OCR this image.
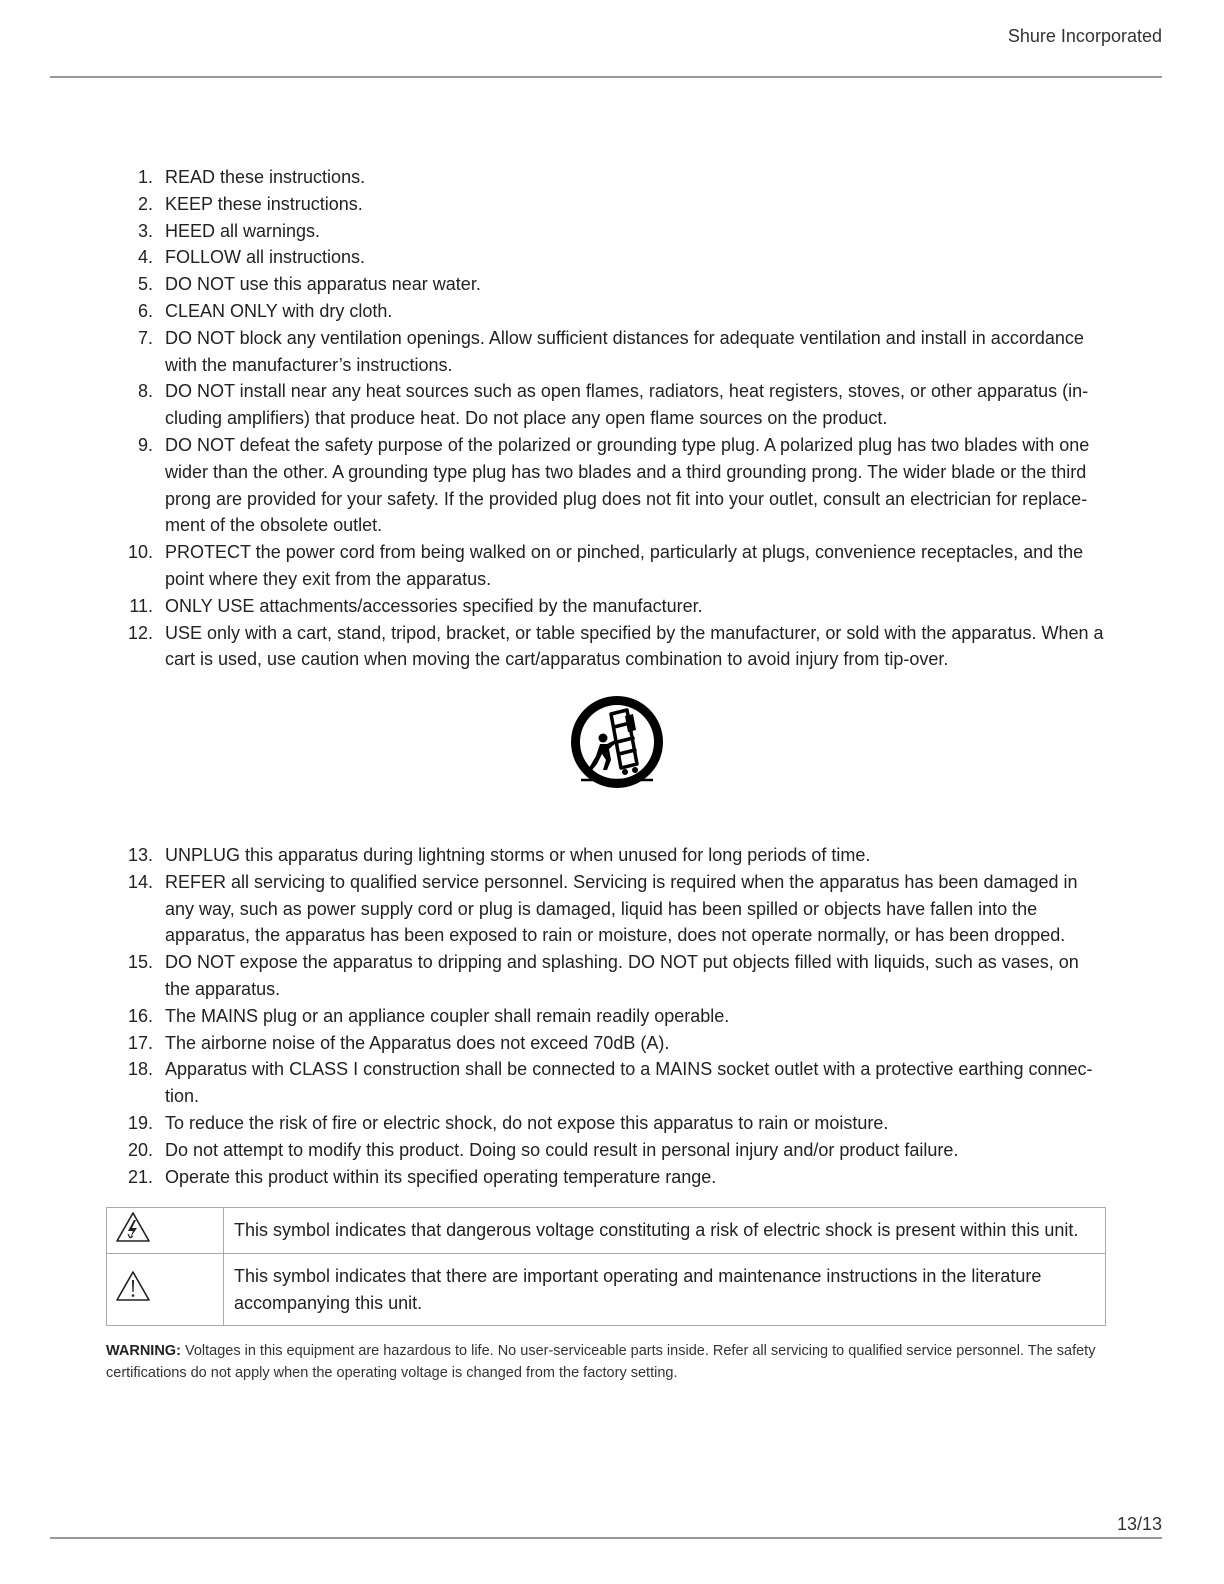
Shure Incorporated
1. READ these instructions.
2. KEEP these instructions.
3. HEED all warnings.
4. FOLLOW all instructions.
5. DO NOT use this apparatus near water.
6. CLEAN ONLY with dry cloth.
7. DO NOT block any ventilation openings. Allow sufficient distances for adequate ventilation and install in accordance with the manufacturer’s instructions.
8. DO NOT install near any heat sources such as open flames, radiators, heat registers, stoves, or other apparatus (including amplifiers) that produce heat. Do not place any open flame sources on the product.
9. DO NOT defeat the safety purpose of the polarized or grounding type plug. A polarized plug has two blades with one wider than the other. A grounding type plug has two blades and a third grounding prong. The wider blade or the third prong are provided for your safety. If the provided plug does not fit into your outlet, consult an electrician for replacement of the obsolete outlet.
10. PROTECT the power cord from being walked on or pinched, particularly at plugs, convenience receptacles, and the point where they exit from the apparatus.
11. ONLY USE attachments/accessories specified by the manufacturer.
12. USE only with a cart, stand, tripod, bracket, or table specified by the manufacturer, or sold with the apparatus. When a cart is used, use caution when moving the cart/apparatus combination to avoid injury from tip-over.
13. UNPLUG this apparatus during lightning storms or when unused for long periods of time.
14. REFER all servicing to qualified service personnel. Servicing is required when the apparatus has been damaged in any way, such as power supply cord or plug is damaged, liquid has been spilled or objects have fallen into the apparatus, the apparatus has been exposed to rain or moisture, does not operate normally, or has been dropped.
15. DO NOT expose the apparatus to dripping and splashing. DO NOT put objects filled with liquids, such as vases, on the apparatus.
16. The MAINS plug or an appliance coupler shall remain readily operable.
17. The airborne noise of the Apparatus does not exceed 70dB (A).
18. Apparatus with CLASS I construction shall be connected to a MAINS socket outlet with a protective earthing connection.
19. To reduce the risk of fire or electric shock, do not expose this apparatus to rain or moisture.
20. Do not attempt to modify this product. Doing so could result in personal injury and/or product failure.
21. Operate this product within its specified operating temperature range.
	This symbol indicates that dangerous voltage constituting a risk of electric shock is present within this unit.
	This symbol indicates that there are important operating and maintenance instructions in the literature accompanying this unit.
WARNING: Voltages in this equipment are hazardous to life. No user-serviceable parts inside. Refer all servicing to qualified service personnel. The safety certifications do not apply when the operating voltage is changed from the factory setting.
13/13
